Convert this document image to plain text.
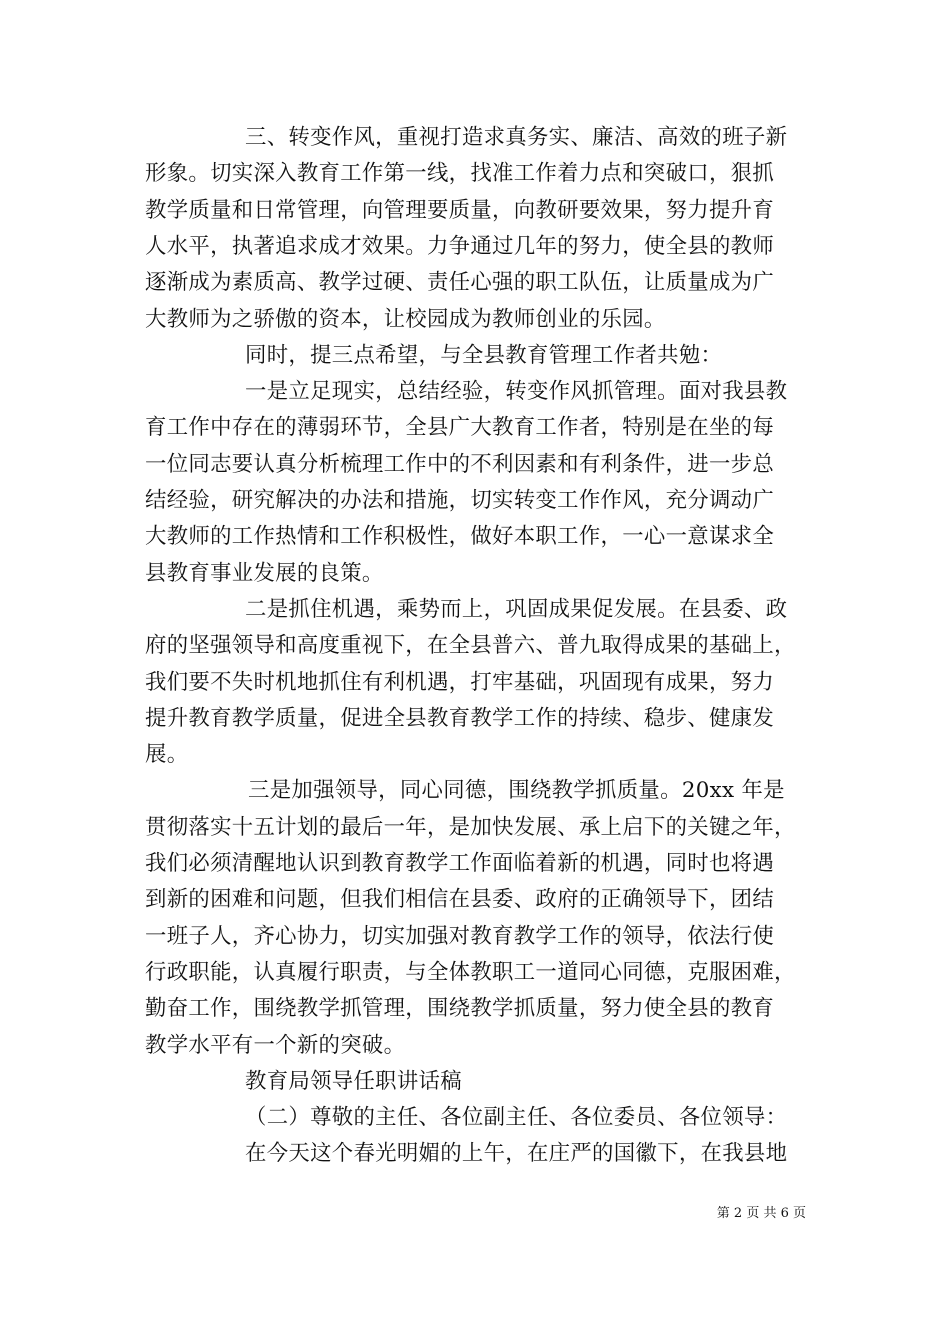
三、转变作风，重视打造求真务实、廉洁、高效的班子新
形象。切实深入教育工作第一线，找准工作着力点和突破口，狠抓
教学质量和日常管理，向管理要质量，向教研要效果，努力提升育
人水平，执著追求成才效果。力争通过几年的努力，使全县的教师
逐渐成为素质高、教学过硬、责任心强的职工队伍，让质量成为广
大教师为之骄傲的资本，让校园成为教师创业的乐园。
同时，提三点希望，与全县教育管理工作者共勉：
一是立足现实，总结经验，转变作风抓管理。面对我县教
育工作中存在的薄弱环节，全县广大教育工作者，特别是在坐的每
一位同志要认真分析梳理工作中的不利因素和有利条件，进一步总
结经验，研究解决的办法和措施，切实转变工作作风，充分调动广
大教师的工作热情和工作积极性，做好本职工作，一心一意谋求全
县教育事业发展的良策。
二是抓住机遇，乘势而上，巩固成果促发展。在县委、政
府的坚强领导和高度重视下，在全县普六、普九取得成果的基础上，
我们要不失时机地抓住有利机遇，打牢基础，巩固现有成果，努力
提升教育教学质量，促进全县教育教学工作的持续、稳步、健康发
展。
三是加强领导，同心同德，围绕教学抓质量。20xx 年是
贯彻落实十五计划的最后一年，是加快发展、承上启下的关键之年，
我们必须清醒地认识到教育教学工作面临着新的机遇，同时也将遇
到新的困难和问题，但我们相信在县委、政府的正确领导下，团结
一班子人，齐心协力，切实加强对教育教学工作的领导，依法行使
行政职能，认真履行职责，与全体教职工一道同心同德，克服困难，
勤奋工作，围绕教学抓管理，围绕教学抓质量，努力使全县的教育
教学水平有一个新的突破。
教育局领导任职讲话稿
（二）尊敬的主任、各位副主任、各位委员、各位领导：
在今天这个春光明媚的上午，在庄严的国徽下，在我县地
第 2 页 共 6 页
